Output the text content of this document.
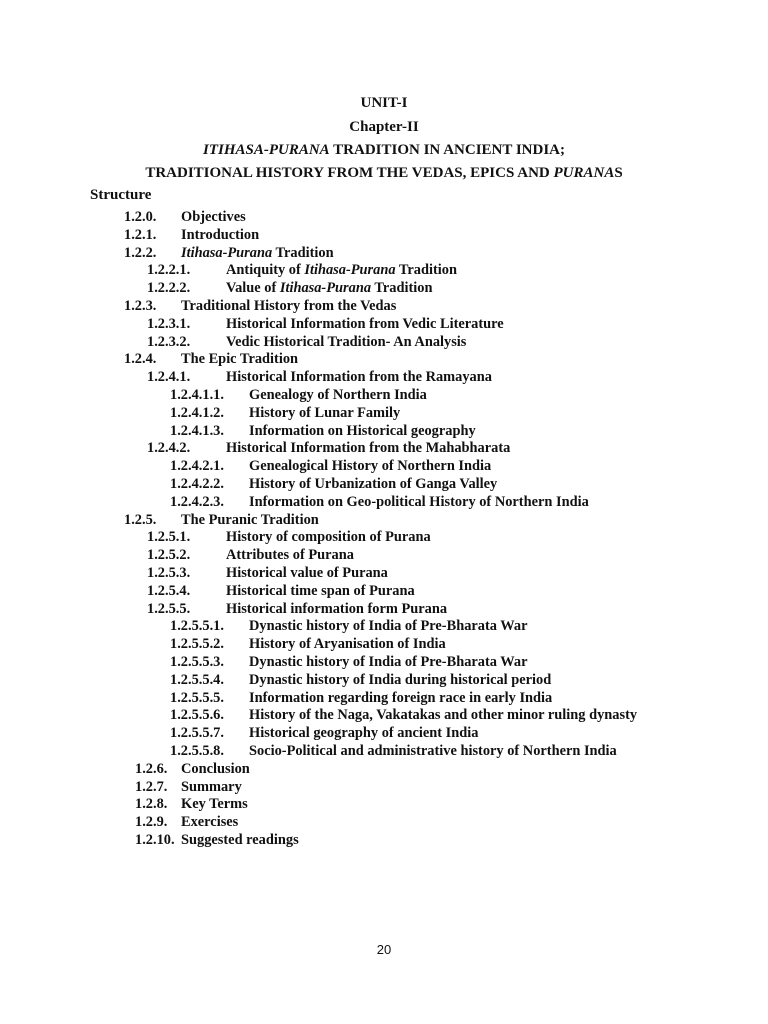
UNIT-I
Chapter-II
ITIHASA-PURANA TRADITION IN ANCIENT INDIA;
TRADITIONAL HISTORY FROM THE VEDAS, EPICS AND PURANAS
Structure
1.2.0. Objectives
1.2.1. Introduction
1.2.2. Itihasa-Purana Tradition
1.2.2.1. Antiquity of Itihasa-Purana Tradition
1.2.2.2. Value of Itihasa-Purana Tradition
1.2.3. Traditional History from the Vedas
1.2.3.1. Historical Information from Vedic Literature
1.2.3.2. Vedic Historical Tradition- An Analysis
1.2.4. The Epic Tradition
1.2.4.1. Historical Information from the Ramayana
1.2.4.1.1. Genealogy of Northern India
1.2.4.1.2. History of Lunar Family
1.2.4.1.3. Information on Historical geography
1.2.4.2. Historical Information from the Mahabharata
1.2.4.2.1. Genealogical History of Northern India
1.2.4.2.2. History of Urbanization of Ganga Valley
1.2.4.2.3. Information on Geo-political History of Northern India
1.2.5. The Puranic Tradition
1.2.5.1. History of composition of Purana
1.2.5.2. Attributes of Purana
1.2.5.3. Historical value of Purana
1.2.5.4. Historical time span of Purana
1.2.5.5. Historical information form Purana
1.2.5.5.1. Dynastic history of India of Pre-Bharata War
1.2.5.5.2. History of Aryanisation of India
1.2.5.5.3. Dynastic history of India of Pre-Bharata War
1.2.5.5.4. Dynastic history of India during historical period
1.2.5.5.5. Information regarding foreign race in early India
1.2.5.5.6. History of the Naga, Vakatakas and other minor ruling dynasty
1.2.5.5.7. Historical geography of ancient India
1.2.5.5.8. Socio-Political and administrative history of Northern India
1.2.6. Conclusion
1.2.7. Summary
1.2.8. Key Terms
1.2.9. Exercises
1.2.10. Suggested readings
20
